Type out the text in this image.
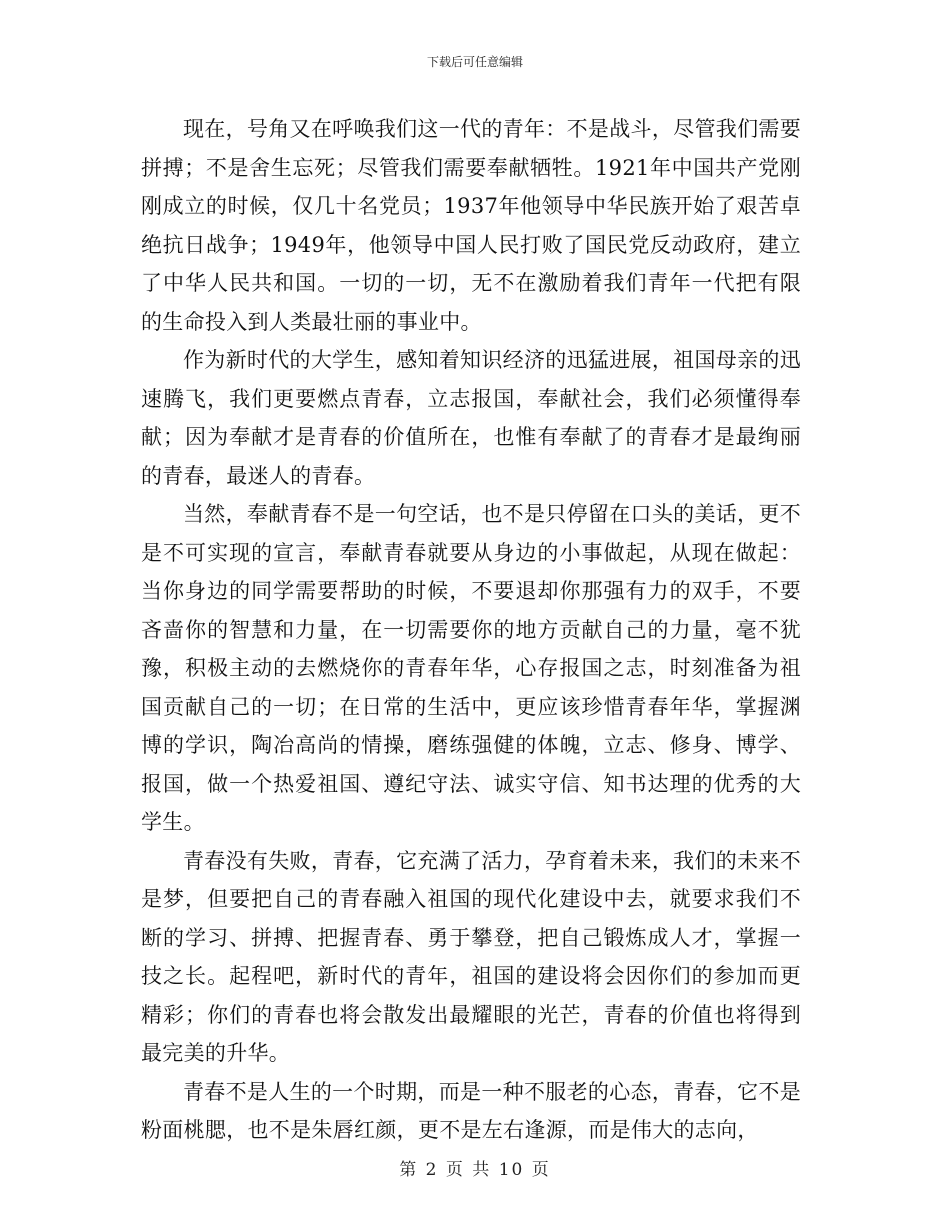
下载后可任意编辑

现在，号角又在呼唤我们这一代的青年：不是战斗，尽管我们需要拼搏；不是舍生忘死；尽管我们需要奉献牺牲。1921年中国共产党刚刚成立的时候，仅几十名党员；1937年他领导中华民族开始了艰苦卓绝抗日战争；1949年，他领导中国人民打败了国民党反动政府，建立了中华人民共和国。一切的一切，无不在激励着我们青年一代把有限的生命投入到人类最壮丽的事业中。

作为新时代的大学生，感知着知识经济的迅猛进展，祖国母亲的迅速腾飞，我们更要燃点青春，立志报国，奉献社会，我们必须懂得奉献；因为奉献才是青春的价值所在，也惟有奉献了的青春才是最绚丽的青春，最迷人的青春。

当然，奉献青春不是一句空话，也不是只停留在口头的美话，更不是不可实现的宣言，奉献青春就要从身边的小事做起，从现在做起：当你身边的同学需要帮助的时候，不要退却你那强有力的双手，不要吝啬你的智慧和力量，在一切需要你的地方贡献自己的力量，毫不犹豫，积极主动的去燃烧你的青春年华，心存报国之志，时刻准备为祖国贡献自己的一切；在日常的生活中，更应该珍惜青春年华，掌握渊博的学识，陶冶高尚的情操，磨练强健的体魄，立志、修身、博学、报国，做一个热爱祖国、遵纪守法、诚实守信、知书达理的优秀的大学生。

青春没有失败，青春，它充满了活力，孕育着未来，我们的未来不是梦，但要把自己的青春融入祖国的现代化建设中去，就要求我们不断的学习、拼搏、把握青春、勇于攀登，把自己锻炼成人才，掌握一技之长。起程吧，新时代的青年，祖国的建设将会因你们的参加而更精彩；你们的青春也将会散发出最耀眼的光芒，青春的价值也将得到最完美的升华。

青春不是人生的一个时期，而是一种不服老的心态，青春，它不是粉面桃腮，也不是朱唇红颜，更不是左右逢源，而是伟大的志向，

第 2 页 共 10 页
